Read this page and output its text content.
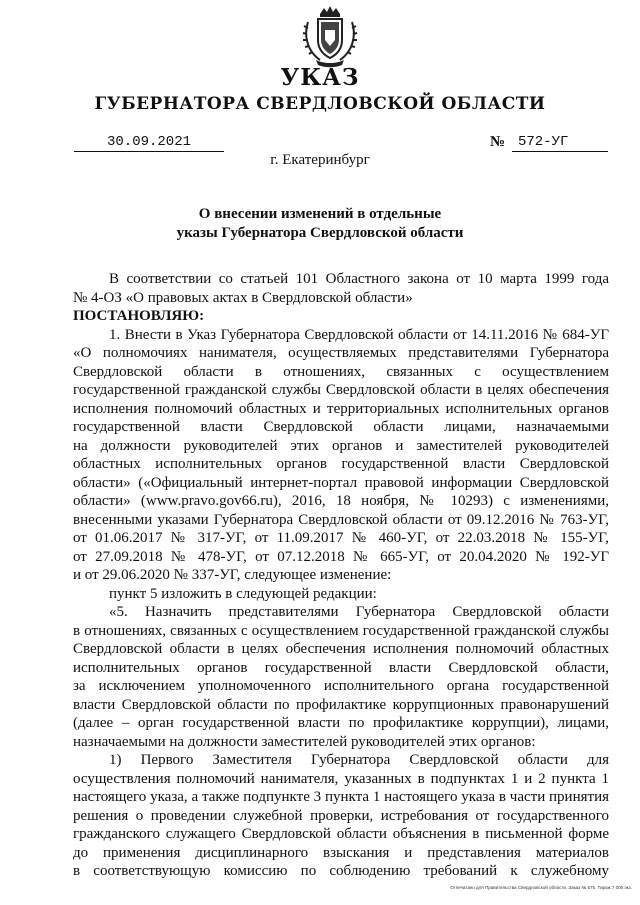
УКАЗ
ГУБЕРНАТОРА СВЕРДЛОВСКОЙ ОБЛАСТИ
30.09.2021	№ 572-УГ
г. Екатеринбург
О внесении изменений в отдельные
указы Губернатора Свердловской области

В соответствии со статьей 101 Областного закона от 10 марта 1999 года

№ 4-ОЗ «О правовых актах в Свердловской области»

ПОСТАНОВЛЯЮ:

1. Внести в Указ Губернатора Свердловской области от 14.11.2016 № 684-УГ

«О полномочиях нанимателя, осуществляемых представителями Губернатора

Свердловской области в отношениях, связанных с осуществлением

государственной гражданской службы Свердловской области в целях обеспечения

исполнения полномочий областных и территориальных исполнительных органов

государственной власти Свердловской области лицами, назначаемыми

на должности руководителей этих органов и заместителей руководителей

областных исполнительных органов государственной власти Свердловской

области» («Официальный интернет-портал правовой информации Свердловской

области» (www.pravo.gov66.ru), 2016, 18 ноября, № 10293) с изменениями,

внесенными указами Губернатора Свердловской области от 09.12.2016 № 763-УГ,

от 01.06.2017 № 317-УГ, от 11.09.2017 № 460-УГ, от 22.03.2018 № 155-УГ,

от 27.09.2018 № 478-УГ, от 07.12.2018 № 665-УГ, от 20.04.2020 № 192-УГ

и от 29.06.2020 № 337-УГ, следующее изменение:

пункт 5 изложить в следующей редакции:

«5. Назначить представителями Губернатора Свердловской области

в отношениях, связанных с осуществлением государственной гражданской службы

Свердловской области в целях обеспечения исполнения полномочий областных

исполнительных органов государственной власти Свердловской области,

за исключением уполномоченного исполнительного органа государственной

власти Свердловской области по профилактике коррупционных правонарушений

(далее – орган государственной власти по профилактике коррупции), лицами,

назначаемыми на должности заместителей руководителей этих органов:

1) Первого Заместителя Губернатора Свердловской области для

осуществления полномочий нанимателя, указанных в подпунктах 1 и 2 пункта 1

настоящего указа, а также подпункте 3 пункта 1 настоящего указа в части принятия

решения о проведении служебной проверки, истребования от государственного

гражданского служащего Свердловской области объяснения в письменной форме

до применения дисциплинарного взыскания и представления материалов

в соответствующую комиссию по соблюдению требований к служебному

Отпечатано для Правительства Свердловской области. Заказ № 575. Тираж 7 000 экз.
